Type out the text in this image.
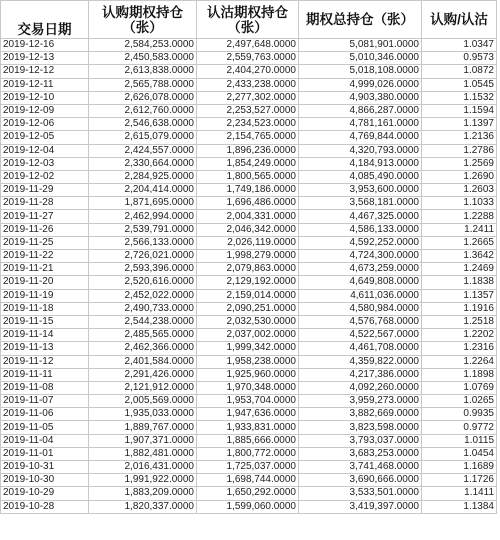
交易日期	认购期权持仓（张）	认沽期权持仓（张）	期权总持仓（张）	认购/认沽
2019-12-16	2,584,253.0000	2,497,648.0000	5,081,901.0000	1.0347
2019-12-13	2,450,583.0000	2,559,763.0000	5,010,346.0000	0.9573
2019-12-12	2,613,838.0000	2,404,270.0000	5,018,108.0000	1.0872
2019-12-11	2,565,788.0000	2,433,238.0000	4,999,026.0000	1.0545
2019-12-10	2,626,078.0000	2,277,302.0000	4,903,380.0000	1.1532
2019-12-09	2,612,760.0000	2,253,527.0000	4,866,287.0000	1.1594
2019-12-06	2,546,638.0000	2,234,523.0000	4,781,161.0000	1.1397
2019-12-05	2,615,079.0000	2,154,765.0000	4,769,844.0000	1.2136
2019-12-04	2,424,557.0000	1,896,236.0000	4,320,793.0000	1.2786
2019-12-03	2,330,664.0000	1,854,249.0000	4,184,913.0000	1.2569
2019-12-02	2,284,925.0000	1,800,565.0000	4,085,490.0000	1.2690
2019-11-29	2,204,414.0000	1,749,186.0000	3,953,600.0000	1.2603
2019-11-28	1,871,695.0000	1,696,486.0000	3,568,181.0000	1.1033
2019-11-27	2,462,994.0000	2,004,331.0000	4,467,325.0000	1.2288
2019-11-26	2,539,791.0000	2,046,342.0000	4,586,133.0000	1.2411
2019-11-25	2,566,133.0000	2,026,119.0000	4,592,252.0000	1.2665
2019-11-22	2,726,021.0000	1,998,279.0000	4,724,300.0000	1.3642
2019-11-21	2,593,396.0000	2,079,863.0000	4,673,259.0000	1.2469
2019-11-20	2,520,616.0000	2,129,192.0000	4,649,808.0000	1.1838
2019-11-19	2,452,022.0000	2,159,014.0000	4,611,036.0000	1.1357
2019-11-18	2,490,733.0000	2,090,251.0000	4,580,984.0000	1.1916
2019-11-15	2,544,238.0000	2,032,530.0000	4,576,768.0000	1.2518
2019-11-14	2,485,565.0000	2,037,002.0000	4,522,567.0000	1.2202
2019-11-13	2,462,366.0000	1,999,342.0000	4,461,708.0000	1.2316
2019-11-12	2,401,584.0000	1,958,238.0000	4,359,822.0000	1.2264
2019-11-11	2,291,426.0000	1,925,960.0000	4,217,386.0000	1.1898
2019-11-08	2,121,912.0000	1,970,348.0000	4,092,260.0000	1.0769
2019-11-07	2,005,569.0000	1,953,704.0000	3,959,273.0000	1.0265
2019-11-06	1,935,033.0000	1,947,636.0000	3,882,669.0000	0.9935
2019-11-05	1,889,767.0000	1,933,831.0000	3,823,598.0000	0.9772
2019-11-04	1,907,371.0000	1,885,666.0000	3,793,037.0000	1.0115
2019-11-01	1,882,481.0000	1,800,772.0000	3,683,253.0000	1.0454
2019-10-31	2,016,431.0000	1,725,037.0000	3,741,468.0000	1.1689
2019-10-30	1,991,922.0000	1,698,744.0000	3,690,666.0000	1.1726
2019-10-29	1,883,209.0000	1,650,292.0000	3,533,501.0000	1.1411
2019-10-28	1,820,337.0000	1,599,060.0000	3,419,397.0000	1.1384
